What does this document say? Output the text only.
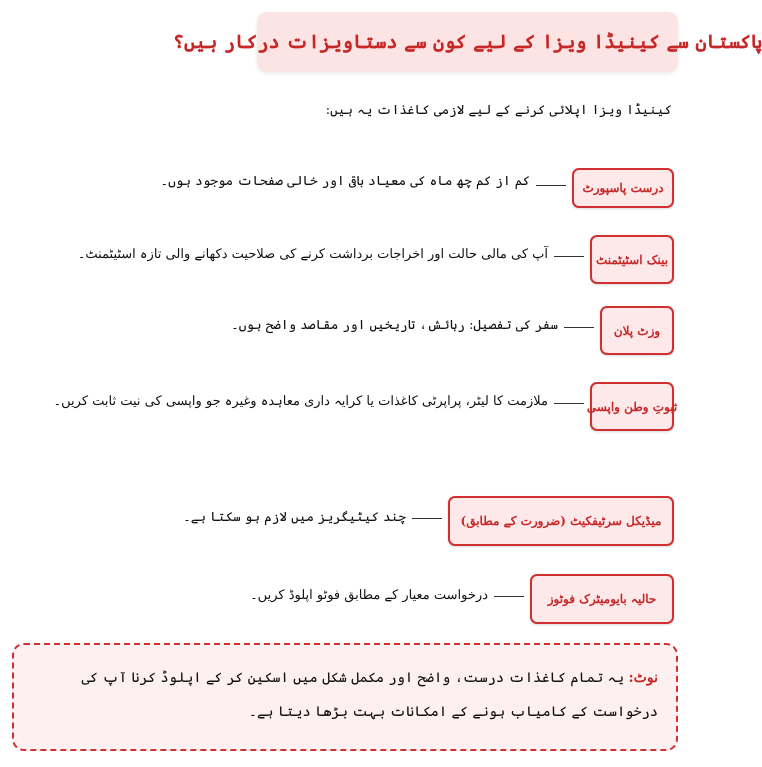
پاکستان سے کینیڈا ویزا کے لیے کون سے دستاویزات درکار ہیں؟
کینیڈا ویزا اپلائی کرنے کے لیے لازمی کاغذات یہ ہیں:
درست پاسپورٹ
کم از کم چھ ماہ کی معیاد باقی اور خالی صفحات موجود ہوں۔
بینک اسٹیٹمنٹ
آپ کی مالی حالت اور اخراجات برداشت کرنے کی صلاحیت دکھانے والی تازہ اسٹیٹمنٹ۔
وزٹ پلان
سفر کی تفصیل: رہائش، تاریخیں اور مقاصد واضح ہوں۔
ثبوتِ وطن واپسی
ملازمت کا لیٹر، پراپرٹی کاغذات یا کرایہ داری معاہدہ وغیرہ جو واپسی کی نیت ثابت کریں۔
میڈیکل سرٹیفکیٹ (ضرورت کے مطابق)
چند کیٹیگریز میں لازم ہو سکتا ہے۔
حالیہ بایومیٹرک فوٹوز
درخواست معیار کے مطابق فوٹو اپلوڈ کریں۔
نوٹ: یہ تمام کاغذات درست، واضح اور مکمل شکل میں اسکین کر کے اپلوڈ کرنا آپ کی درخواست کے کامیاب ہونے کے امکانات بہت بڑھا دیتا ہے۔
